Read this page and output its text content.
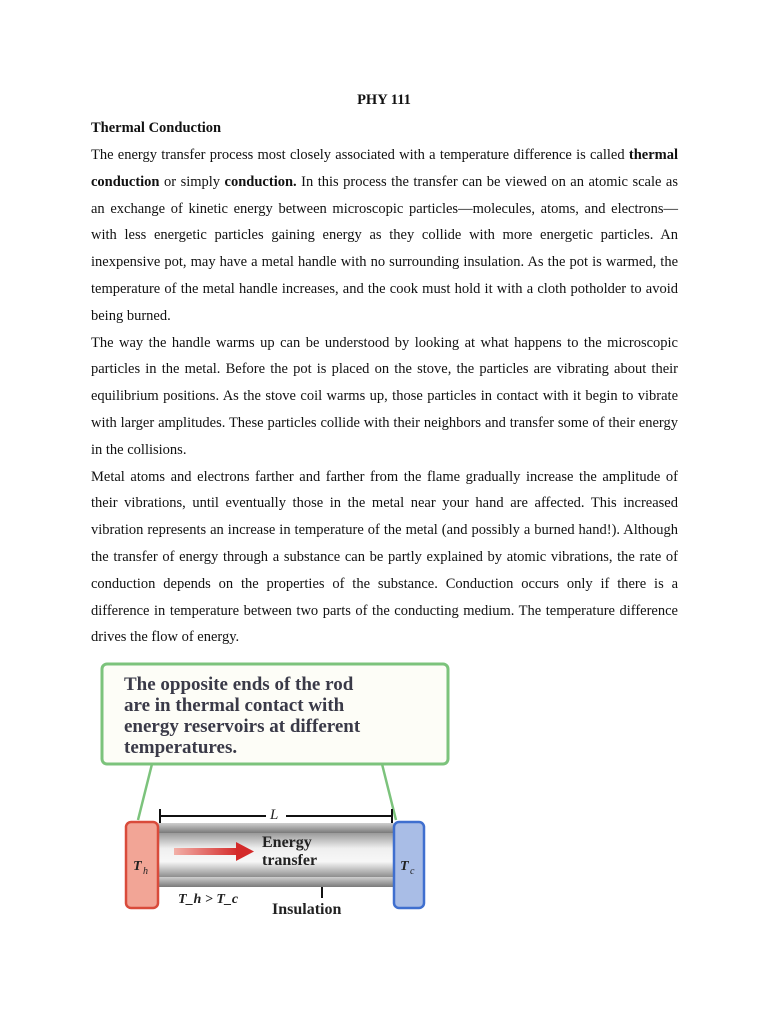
PHY 111
Thermal Conduction

The energy transfer process most closely associated with a temperature difference is called thermal conduction or simply conduction. In this process the transfer can be viewed on an atomic scale as an exchange of kinetic energy between microscopic particles—molecules, atoms, and electrons—with less energetic particles gaining energy as they collide with more energetic particles. An inexpensive pot, may have a metal handle with no surrounding insulation. As the pot is warmed, the temperature of the metal handle increases, and the cook must hold it with a cloth potholder to avoid being burned.

The way the handle warms up can be understood by looking at what happens to the microscopic particles in the metal. Before the pot is placed on the stove, the particles are vibrating about their equilibrium positions. As the stove coil warms up, those particles in contact with it begin to vibrate with larger amplitudes. These particles collide with their neighbors and transfer some of their energy in the collisions.

Metal atoms and electrons farther and farther from the flame gradually increase the amplitude of their vibrations, until eventually those in the metal near your hand are affected. This increased vibration represents an increase in temperature of the metal (and possibly a burned hand!). Although the transfer of energy through a substance can be partly explained by atomic vibrations, the rate of conduction depends on the properties of the substance. Conduction occurs only if there is a difference in temperature between two parts of the conducting medium. The temperature difference drives the flow of energy.

The opposite ends of the rod
are in thermal contact with
energy reservoirs at different
temperatures.
L
Energy
transfer
T h	T c
T_h > T_c
Insulation
